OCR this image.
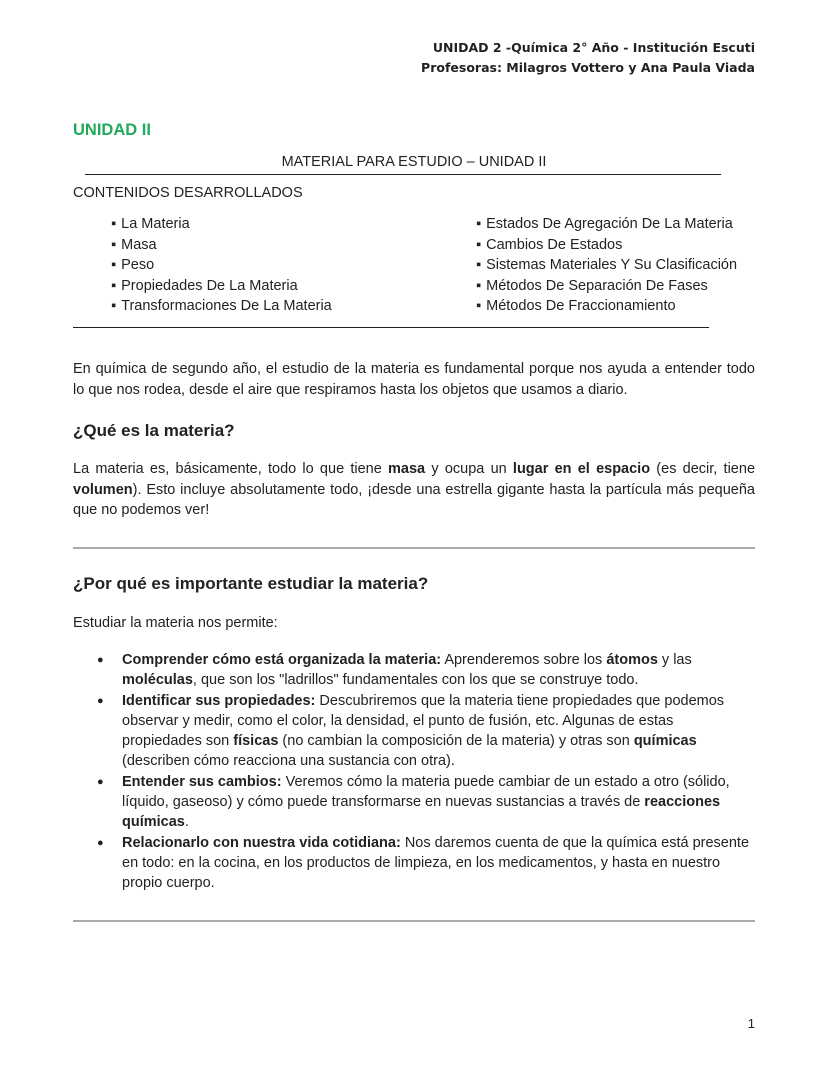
UNIDAD 2 -Química 2° Año - Institución Escuti
Profesoras: Milagros Vottero y Ana Paula Viada
UNIDAD II
MATERIAL PARA ESTUDIO – UNIDAD II
CONTENIDOS DESARROLLADOS
▪ La Materia
▪ Masa
▪ Peso
▪ Propiedades De La Materia
▪ Transformaciones De La Materia
▪ Estados De Agregación De La Materia
▪ Cambios De Estados
▪ Sistemas Materiales Y Su Clasificación
▪ Métodos De Separación De Fases
▪ Métodos De Fraccionamiento

En química de segundo año, el estudio de la materia es fundamental porque nos ayuda a entender todo lo que nos rodea, desde el aire que respiramos hasta los objetos que usamos a diario.

¿Qué es la materia?

La materia es, básicamente, todo lo que tiene masa y ocupa un lugar en el espacio (es decir, tiene volumen). Esto incluye absolutamente todo, ¡desde una estrella gigante hasta la partícula más pequeña que no podemos ver!

¿Por qué es importante estudiar la materia?

Estudiar la materia nos permite:

● Comprender cómo está organizada la materia: Aprenderemos sobre los átomos y las moléculas, que son los "ladrillos" fundamentales con los que se construye todo.
● Identificar sus propiedades: Descubriremos que la materia tiene propiedades que podemos observar y medir, como el color, la densidad, el punto de fusión, etc. Algunas de estas propiedades son físicas (no cambian la composición de la materia) y otras son químicas (describen cómo reacciona una sustancia con otra).
● Entender sus cambios: Veremos cómo la materia puede cambiar de un estado a otro (sólido, líquido, gaseoso) y cómo puede transformarse en nuevas sustancias a través de reacciones químicas.
● Relacionarlo con nuestra vida cotidiana: Nos daremos cuenta de que la química está presente en todo: en la cocina, en los productos de limpieza, en los medicamentos, y hasta en nuestro propio cuerpo.
1
